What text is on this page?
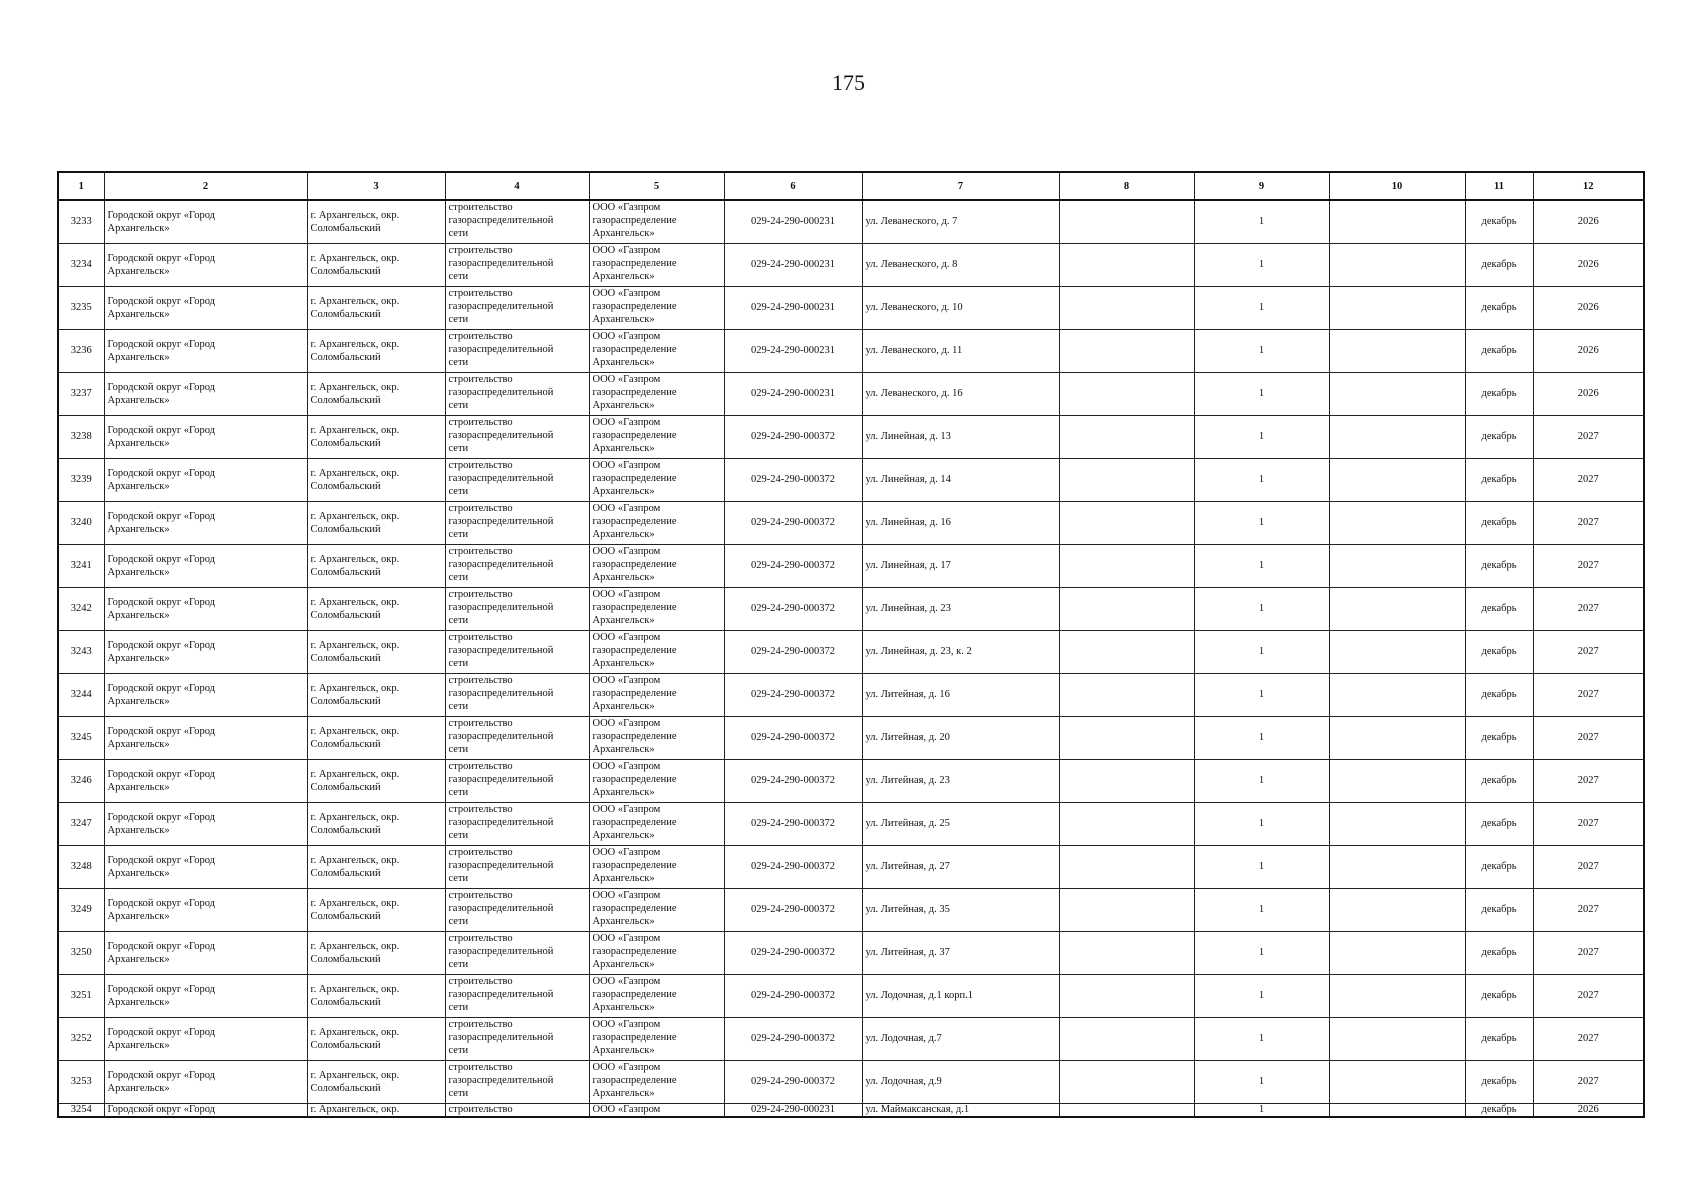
175
1	2	3	4	5	6	7	8	9	10	11	12
3233	Городской округ «Город
Архангельск»	г. Архангельск, окр.
Соломбальский	строительство
газораспределительной
сети	ООО «Газпром
газораспределение
Архангельск»	029-24-290-000231	ул. Леванеского, д. 7		1		декабрь	2026
3234	Городской округ «Город
Архангельск»	г. Архангельск, окр.
Соломбальский	строительство
газораспределительной
сети	ООО «Газпром
газораспределение
Архангельск»	029-24-290-000231	ул. Леванеского, д. 8		1		декабрь	2026
3235	Городской округ «Город
Архангельск»	г. Архангельск, окр.
Соломбальский	строительство
газораспределительной
сети	ООО «Газпром
газораспределение
Архангельск»	029-24-290-000231	ул. Леванеского, д. 10		1		декабрь	2026
3236	Городской округ «Город
Архангельск»	г. Архангельск, окр.
Соломбальский	строительство
газораспределительной
сети	ООО «Газпром
газораспределение
Архангельск»	029-24-290-000231	ул. Леванеского, д. 11		1		декабрь	2026
3237	Городской округ «Город
Архангельск»	г. Архангельск, окр.
Соломбальский	строительство
газораспределительной
сети	ООО «Газпром
газораспределение
Архангельск»	029-24-290-000231	ул. Леванеского, д. 16		1		декабрь	2026
3238	Городской округ «Город
Архангельск»	г. Архангельск, окр.
Соломбальский	строительство
газораспределительной
сети	ООО «Газпром
газораспределение
Архангельск»	029-24-290-000372	ул. Линейная, д. 13		1		декабрь	2027
3239	Городской округ «Город
Архангельск»	г. Архангельск, окр.
Соломбальский	строительство
газораспределительной
сети	ООО «Газпром
газораспределение
Архангельск»	029-24-290-000372	ул. Линейная, д. 14		1		декабрь	2027
3240	Городской округ «Город
Архангельск»	г. Архангельск, окр.
Соломбальский	строительство
газораспределительной
сети	ООО «Газпром
газораспределение
Архангельск»	029-24-290-000372	ул. Линейная, д. 16		1		декабрь	2027
3241	Городской округ «Город
Архангельск»	г. Архангельск, окр.
Соломбальский	строительство
газораспределительной
сети	ООО «Газпром
газораспределение
Архангельск»	029-24-290-000372	ул. Линейная, д. 17		1		декабрь	2027
3242	Городской округ «Город
Архангельск»	г. Архангельск, окр.
Соломбальский	строительство
газораспределительной
сети	ООО «Газпром
газораспределение
Архангельск»	029-24-290-000372	ул. Линейная, д. 23		1		декабрь	2027
3243	Городской округ «Город
Архангельск»	г. Архангельск, окр.
Соломбальский	строительство
газораспределительной
сети	ООО «Газпром
газораспределение
Архангельск»	029-24-290-000372	ул. Линейная, д. 23, к. 2		1		декабрь	2027
3244	Городской округ «Город
Архангельск»	г. Архангельск, окр.
Соломбальский	строительство
газораспределительной
сети	ООО «Газпром
газораспределение
Архангельск»	029-24-290-000372	ул. Литейная, д. 16		1		декабрь	2027
3245	Городской округ «Город
Архангельск»	г. Архангельск, окр.
Соломбальский	строительство
газораспределительной
сети	ООО «Газпром
газораспределение
Архангельск»	029-24-290-000372	ул. Литейная, д. 20		1		декабрь	2027
3246	Городской округ «Город
Архангельск»	г. Архангельск, окр.
Соломбальский	строительство
газораспределительной
сети	ООО «Газпром
газораспределение
Архангельск»	029-24-290-000372	ул. Литейная, д. 23		1		декабрь	2027
3247	Городской округ «Город
Архангельск»	г. Архангельск, окр.
Соломбальский	строительство
газораспределительной
сети	ООО «Газпром
газораспределение
Архангельск»	029-24-290-000372	ул. Литейная, д. 25		1		декабрь	2027
3248	Городской округ «Город
Архангельск»	г. Архангельск, окр.
Соломбальский	строительство
газораспределительной
сети	ООО «Газпром
газораспределение
Архангельск»	029-24-290-000372	ул. Литейная, д. 27		1		декабрь	2027
3249	Городской округ «Город
Архангельск»	г. Архангельск, окр.
Соломбальский	строительство
газораспределительной
сети	ООО «Газпром
газораспределение
Архангельск»	029-24-290-000372	ул. Литейная, д. 35		1		декабрь	2027
3250	Городской округ «Город
Архангельск»	г. Архангельск, окр.
Соломбальский	строительство
газораспределительной
сети	ООО «Газпром
газораспределение
Архангельск»	029-24-290-000372	ул. Литейная, д. 37		1		декабрь	2027
3251	Городской округ «Город
Архангельск»	г. Архангельск, окр.
Соломбальский	строительство
газораспределительной
сети	ООО «Газпром
газораспределение
Архангельск»	029-24-290-000372	ул. Лодочная, д.1 корп.1		1		декабрь	2027
3252	Городской округ «Город
Архангельск»	г. Архангельск, окр.
Соломбальский	строительство
газораспределительной
сети	ООО «Газпром
газораспределение
Архангельск»	029-24-290-000372	ул. Лодочная, д.7		1		декабрь	2027
3253	Городской округ «Город
Архангельск»	г. Архангельск, окр.
Соломбальский	строительство
газораспределительной
сети	ООО «Газпром
газораспределение
Архангельск»	029-24-290-000372	ул. Лодочная, д.9		1		декабрь	2027
3254	Городской округ «Город	г. Архангельск, окр.	строительство	ООО «Газпром	029-24-290-000231	ул. Маймаксанская, д.1		1		декабрь	2026
